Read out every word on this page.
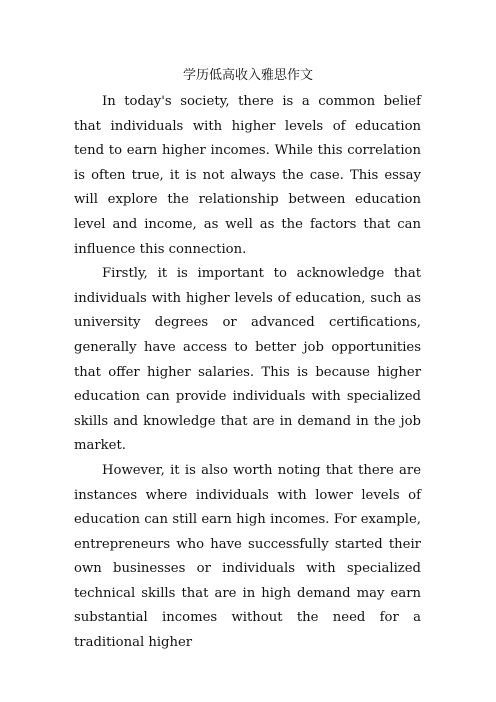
学历低高收入雅思作文

In today's society, there is a common belief that individuals with higher levels of education tend to earn higher incomes. While this correlation is often true, it is not always the case. This essay will explore the relationship between education level and income, as well as the factors that can influence this connection.

Firstly, it is important to acknowledge that individuals with higher levels of education, such as university degrees or advanced certifications, generally have access to better job opportunities that offer higher salaries. This is because higher education can provide individuals with specialized skills and knowledge that are in demand in the job market.

However, it is also worth noting that there are instances where individuals with lower levels of education can still earn high incomes. For example, entrepreneurs who have successfully started their own businesses or individuals with specialized technical skills that are in high demand may earn substantial incomes without the need for a traditional higher
